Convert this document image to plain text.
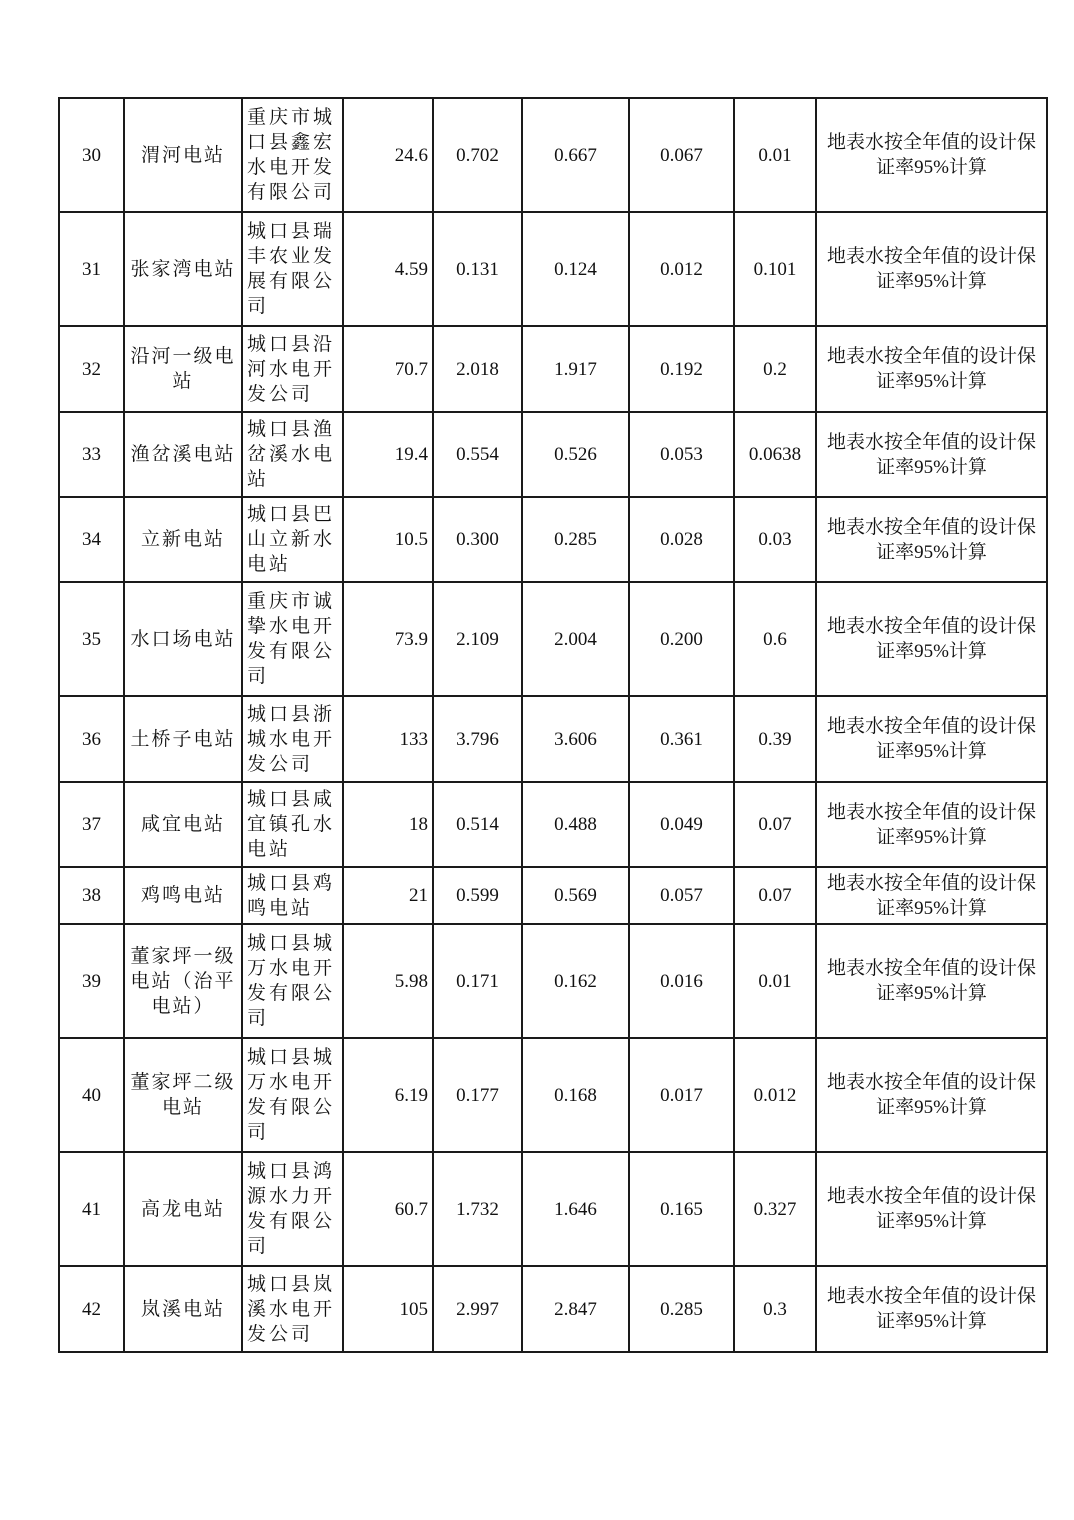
30	渭河电站	重庆市城口县鑫宏水电开发有限公司	24.6	0.702	0.667	0.067	0.01	地表水按全年值的设计保证率95%计算
31	张家湾电站	城口县瑞丰农业发展有限公司	4.59	0.131	0.124	0.012	0.101	地表水按全年值的设计保证率95%计算
32	沿河一级电站	城口县沿河水电开发公司	70.7	2.018	1.917	0.192	0.2	地表水按全年值的设计保证率95%计算
33	渔岔溪电站	城口县渔岔溪水电站	19.4	0.554	0.526	0.053	0.0638	地表水按全年值的设计保证率95%计算
34	立新电站	城口县巴山立新水电站	10.5	0.300	0.285	0.028	0.03	地表水按全年值的设计保证率95%计算
35	水口场电站	重庆市诚挚水电开发有限公司	73.9	2.109	2.004	0.200	0.6	地表水按全年值的设计保证率95%计算
36	土桥子电站	城口县浙城水电开发公司	133	3.796	3.606	0.361	0.39	地表水按全年值的设计保证率95%计算
37	咸宜电站	城口县咸宜镇孔水电站	18	0.514	0.488	0.049	0.07	地表水按全年值的设计保证率95%计算
38	鸡鸣电站	城口县鸡鸣电站	21	0.599	0.569	0.057	0.07	地表水按全年值的设计保证率95%计算
39	董家坪一级电站（治平电站）	城口县城万水电开发有限公司	5.98	0.171	0.162	0.016	0.01	地表水按全年值的设计保证率95%计算
40	董家坪二级电站	城口县城万水电开发有限公司	6.19	0.177	0.168	0.017	0.012	地表水按全年值的设计保证率95%计算
41	高龙电站	城口县鸿源水力开发有限公司	60.7	1.732	1.646	0.165	0.327	地表水按全年值的设计保证率95%计算
42	岚溪电站	城口县岚溪水电开发公司	105	2.997	2.847	0.285	0.3	地表水按全年值的设计保证率95%计算
